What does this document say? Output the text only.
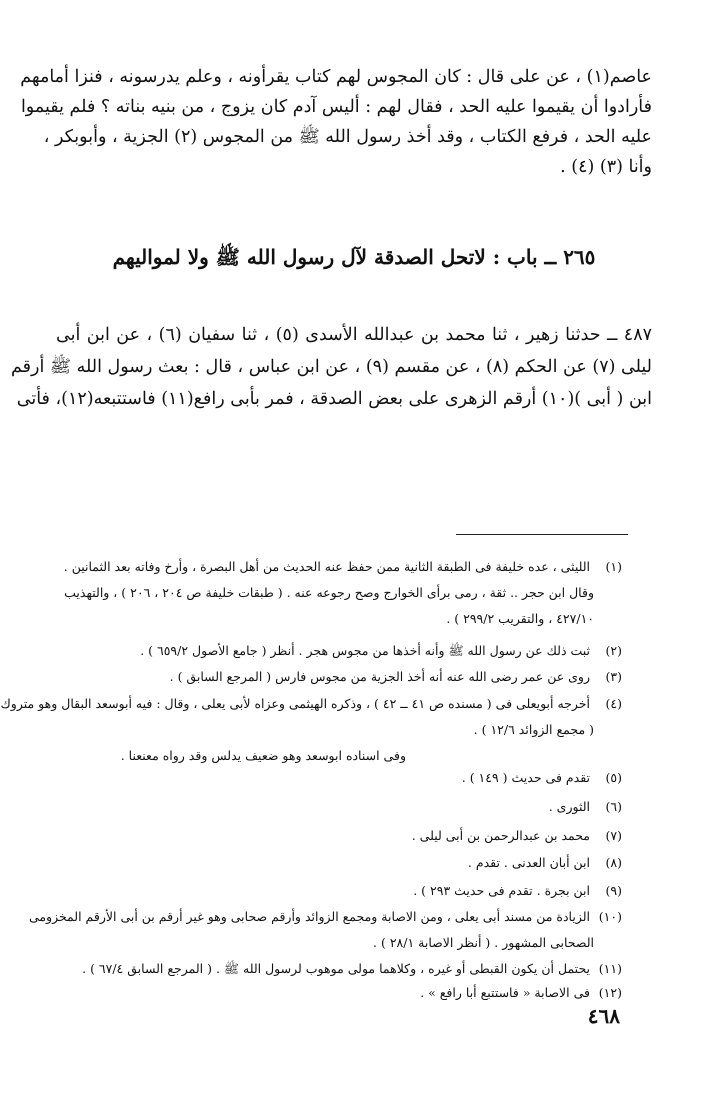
عاصم(١) ، عن على قال : كان المجوس لهم كتاب يقرأونه ، وعلم يدرسونه ، فنزا أمامهم
فأرادوا أن يقيموا عليه الحد ، فقال لهم : أليس آدم كان يزوج ، من بنيه بناته ؟ فلم يقيموا
عليه الحد ، فرفع الكتاب ، وقد أخذ رسول الله ﷺ من المجوس (٢) الجزية ، وأبوبكر ،
وأنا (٣) (٤) .
٢٦٥ ــ باب : لاتحل الصدقة لآل رسول الله ﷺ ولا لمواليهم
٤٨٧ ــ حدثنا زهير ، ثنا محمد بن عبدالله الأسدى (٥) ، ثنا سفيان (٦) ، عن ابن أبى
ليلى (٧) عن الحكم (٨) ، عن مقسم (٩) ، عن ابن عباس ، قال : بعث رسول الله ﷺ أرقم
ابن ( أبى )(١٠) أرقم الزهرى على بعض الصدقة ، فمر بأبى رافع(١١) فاستتبعه(١٢)، فأتى
(١) الليثى ، عده خليفة فى الطبقة الثانية ممن حفظ عنه الحديث من أهل البصرة ، وأرخ وفاته بعد الثمانين .
وقال ابن حجر .. ثقة ، رمى برأى الخوارج وصح رجوعه عنه . ( طبقات خليفة ص ٢٠٤ ، ٢٠٦ ) ، والتهذيب
٤٢٧/١٠ ، والتقريب ٢٩٩/٢ ) .
(٢) ثبت ذلك عن رسول الله ﷺ وأنه أخذها من مجوس هجر . أنظر ( جامع الأصول ٦٥٩/٢ ) .
(٣) روى عن عمر رضى الله عنه أنه أخذ الجزية من مجوس فارس ( المرجع السابق ) .
(٤) أخرجه أبويعلى فى ( مسنده ص ٤١ ــ ٤٢ ) ، وذكره الهيثمى وعزاه لأبى يعلى ، وقال : فيه أبوسعد البقال وهو متروك
( مجمع الزوائد ١٢/٦ ) .
وفى اسناده ابوسعد وهو ضعيف يدلس وقد رواه معنعنا .
(٥) تقدم فى حديث ( ١٤٩ ) .
(٦) الثورى .
(٧) محمد بن عبدالرحمن بن أبى ليلى .
(٨) ابن أبان العدنى . تقدم .
(٩) ابن بجرة . تقدم فى حديث ٢٩٣ ) .
(١٠) الزيادة من مسند أبى يعلى ، ومن الاصابة ومجمع الزوائد وأرقم صحابى وهو غير أرقم بن أبى الأرقم المخزومى
الصحابى المشهور . ( أنظر الاصابة ٢٨/١ ) .
(١١) يحتمل أن يكون القبطى أو غيره ، وكلاهما مولى موهوب لرسول الله ﷺ . ( المرجع السابق ٦٧/٤ ) .
(١٢) فى الاصابة « فاستتبع أبا رافع » .
٤٦٨
